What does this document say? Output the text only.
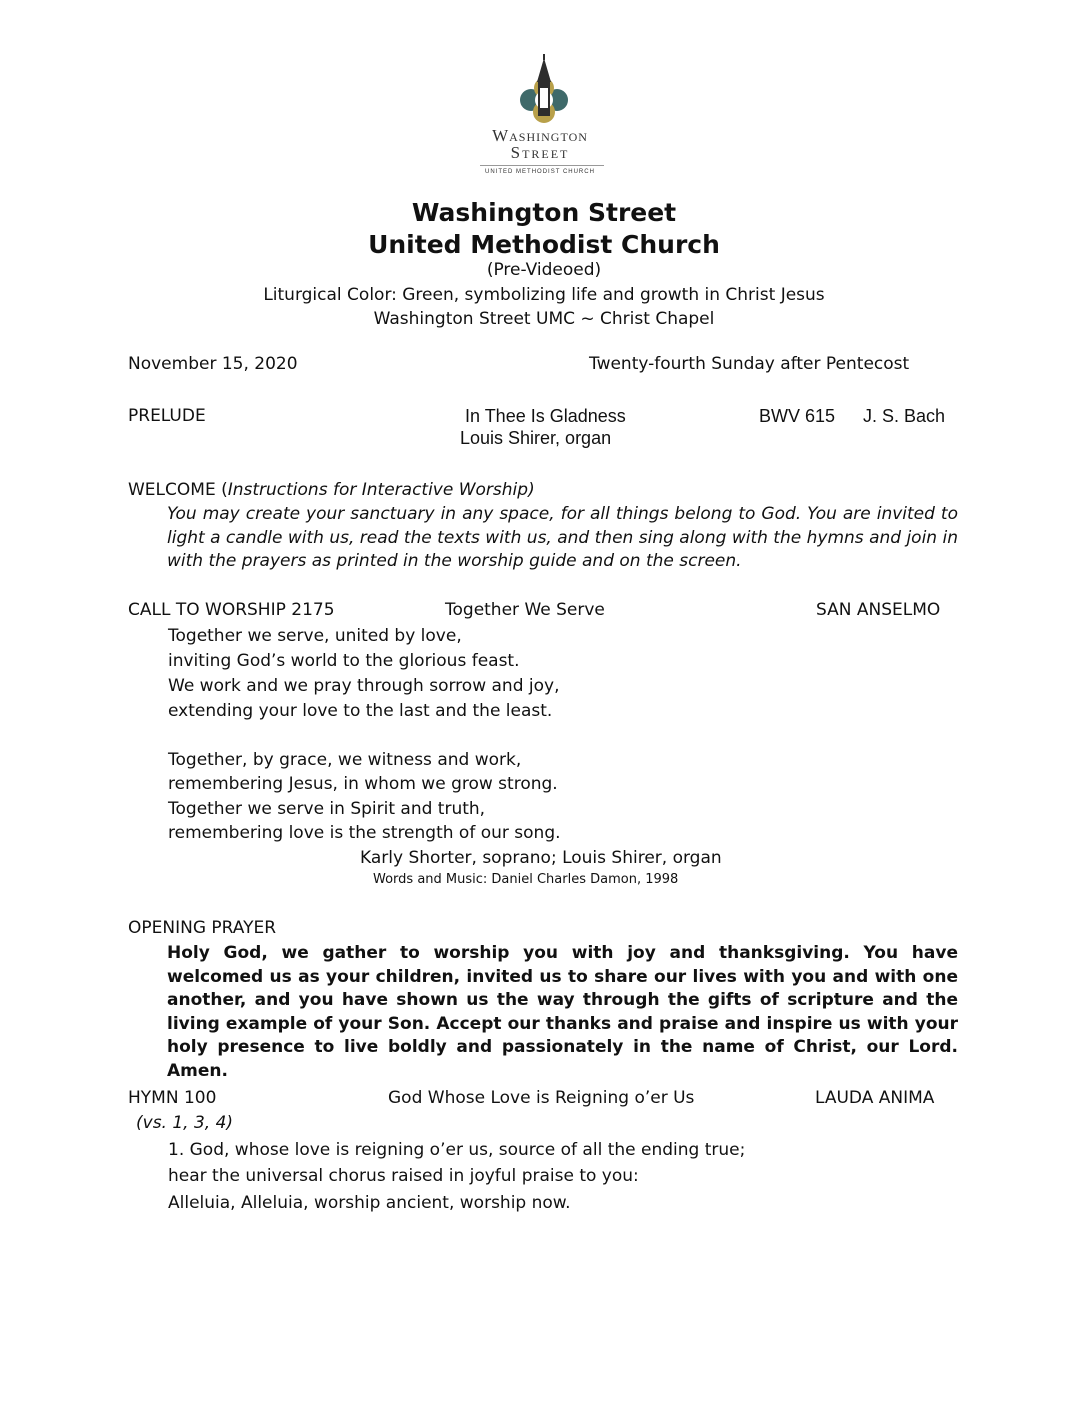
Washington
Street
UNITED METHODIST CHURCH
Washington Street
United Methodist Church
(Pre-Videoed)
Liturgical Color: Green, symbolizing life and growth in Christ Jesus
Washington Street UMC ~ Christ Chapel
November 15, 2020	Twenty-fourth Sunday after Pentecost
PRELUDE	In Thee Is Gladness	BWV 615 J. S. Bach
Louis Shirer, organ
WELCOME (Instructions for Interactive Worship)
You may create your sanctuary in any space, for all things belong to God. You are invited to light a candle with us, read the texts with us, and then sing along with the hymns and join in with the prayers as printed in the worship guide and on the screen.
CALL TO WORSHIP 2175	Together We Serve	SAN ANSELMO
Together we serve, united by love,
inviting God’s world to the glorious feast.
We work and we pray through sorrow and joy,
extending your love to the last and the least.
Together, by grace, we witness and work,
remembering Jesus, in whom we grow strong.
Together we serve in Spirit and truth,
remembering love is the strength of our song.
Karly Shorter, soprano; Louis Shirer, organ
Words and Music: Daniel Charles Damon, 1998
OPENING PRAYER
Holy God, we gather to worship you with joy and thanksgiving. You have welcomed us as your children, invited us to share our lives with you and with one another, and you have shown us the way through the gifts of scripture and the living example of your Son. Accept our thanks and praise and inspire us with your holy presence to live boldly and passionately in the name of Christ, our Lord. Amen.
HYMN 100	God Whose Love is Reigning o’er Us	LAUDA ANIMA
(vs. 1, 3, 4)
1. God, whose love is reigning o’er us, source of all the ending true;
hear the universal chorus raised in joyful praise to you:
Alleluia, Alleluia, worship ancient, worship now.
